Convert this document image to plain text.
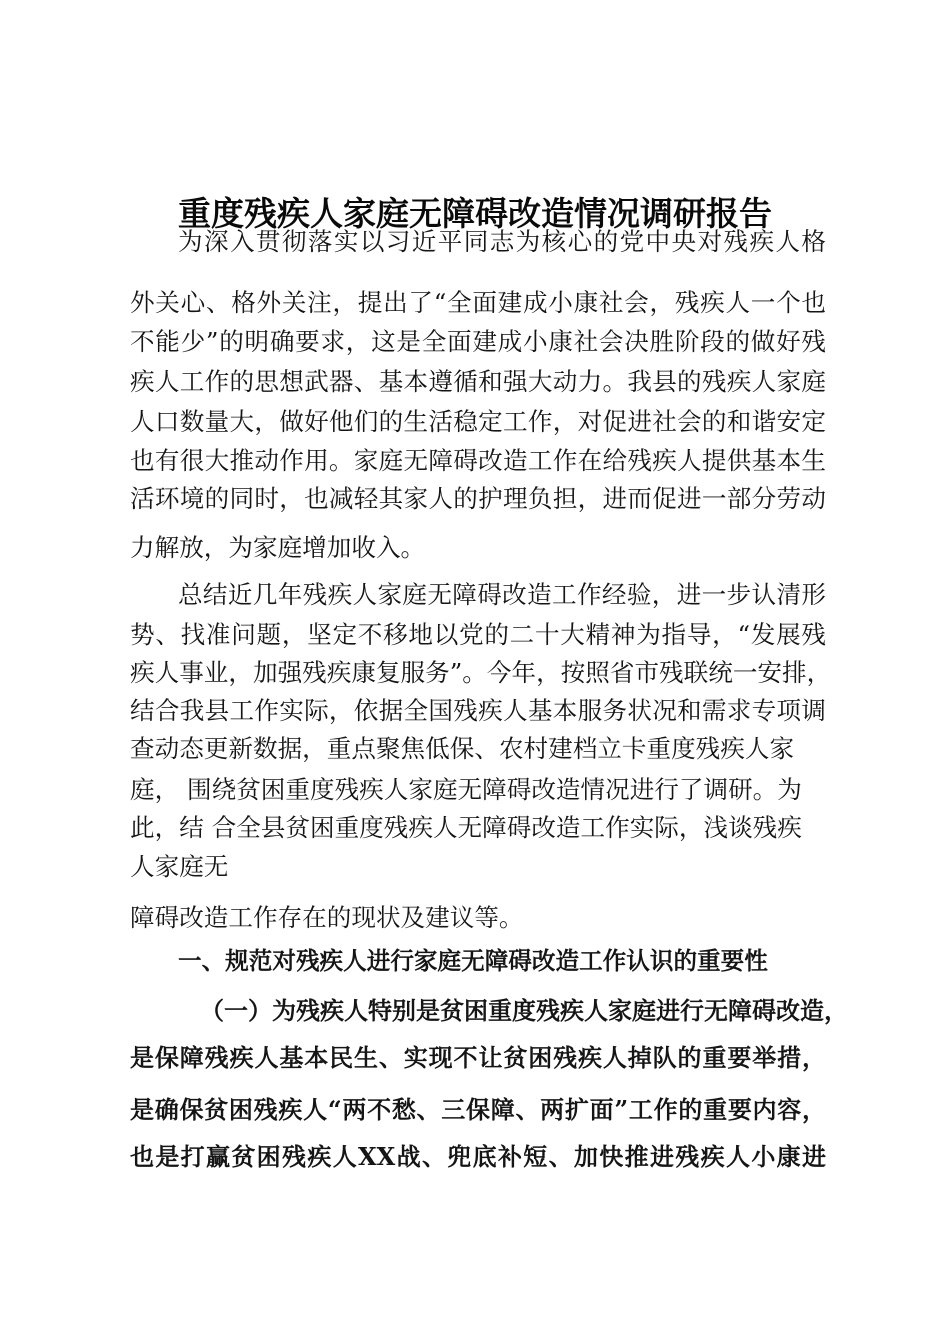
重度残疾人家庭无障碍改造情况调研报告
为深入贯彻落实以习近平同志为核心的党中央对残疾人格
外关心、格外关注，提出了“全面建成小康社会，残疾人一个也
不能少”的明确要求，这是全面建成小康社会决胜阶段的做好残
疾人工作的思想武器、基本遵循和强大动力。我县的残疾人家庭
人口数量大，做好他们的生活稳定工作，对促进社会的和谐安定
也有很大推动作用。家庭无障碍改造工作在给残疾人提供基本生
活环境的同时，也减轻其家人的护理负担，进而促进一部分劳动
力解放，为家庭增加收入。
总结近几年残疾人家庭无障碍改造工作经验，进一步认清形
势、找准问题，坚定不移地以党的二十大精神为指导，“发展残
疾人事业，加强残疾康复服务”。今年，按照省市残联统一安排，
结合我县工作实际，依据全国残疾人基本服务状况和需求专项调
查动态更新数据，重点聚焦低保、农村建档立卡重度残疾人家
庭， 围绕贫困重度残疾人家庭无障碍改造情况进行了调研。为
此，结 合全县贫困重度残疾人无障碍改造工作实际，浅谈残疾
人家庭无
障碍改造工作存在的现状及建议等。
一、规范对残疾人进行家庭无障碍改造工作认识的重要性
（一）为残疾人特别是贫困重度残疾人家庭进行无障碍改造，
是保障残疾人基本民生、实现不让贫困残疾人掉队的重要举措，
是确保贫困残疾人“两不愁、三保障、两扩面”工作的重要内容，
也是打赢贫困残疾人XX战、兜底补短、加快推进残疾人小康进
